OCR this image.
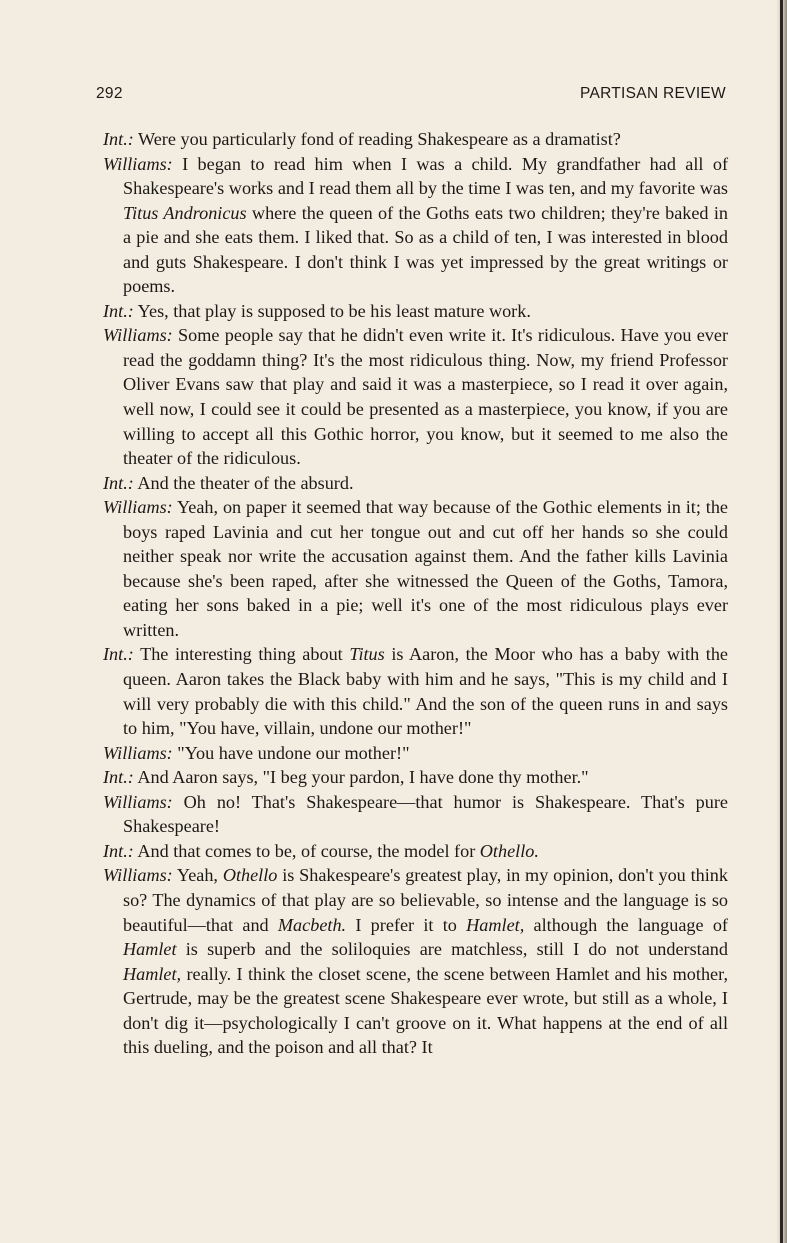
292	PARTISAN REVIEW

Int.: Were you particularly fond of reading Shakespeare as a dramatist?

Williams: I began to read him when I was a child. My grandfather had all of Shakespeare's works and I read them all by the time I was ten, and my favorite was Titus Andronicus where the queen of the Goths eats two children; they're baked in a pie and she eats them. I liked that. So as a child of ten, I was interested in blood and guts Shakespeare. I don't think I was yet impressed by the great writings or poems.

Int.: Yes, that play is supposed to be his least mature work.

Williams: Some people say that he didn't even write it. It's ridiculous. Have you ever read the goddamn thing? It's the most ridiculous thing. Now, my friend Professor Oliver Evans saw that play and said it was a masterpiece, so I read it over again, well now, I could see it could be presented as a masterpiece, you know, if you are willing to accept all this Gothic horror, you know, but it seemed to me also the theater of the ridiculous.

Int.: And the theater of the absurd.

Williams: Yeah, on paper it seemed that way because of the Gothic elements in it; the boys raped Lavinia and cut her tongue out and cut off her hands so she could neither speak nor write the accusation against them. And the father kills Lavinia because she's been raped, after she witnessed the Queen of the Goths, Tamora, eating her sons baked in a pie; well it's one of the most ridiculous plays ever written.

Int.: The interesting thing about Titus is Aaron, the Moor who has a baby with the queen. Aaron takes the Black baby with him and he says, "This is my child and I will very probably die with this child." And the son of the queen runs in and says to him, "You have, villain, undone our mother!"

Williams: "You have undone our mother!"

Int.: And Aaron says, "I beg your pardon, I have done thy mother."

Williams: Oh no! That's Shakespeare—that humor is Shakespeare. That's pure Shakespeare!

Int.: And that comes to be, of course, the model for Othello.

Williams: Yeah, Othello is Shakespeare's greatest play, in my opinion, don't you think so? The dynamics of that play are so believable, so intense and the language is so beautiful—that and Macbeth. I prefer it to Hamlet, although the language of Hamlet is superb and the soliloquies are matchless, still I do not understand Hamlet, really. I think the closet scene, the scene between Hamlet and his mother, Gertrude, may be the greatest scene Shakespeare ever wrote, but still as a whole, I don't dig it—psychologically I can't groove on it. What happens at the end of all this dueling, and the poison and all that? It
